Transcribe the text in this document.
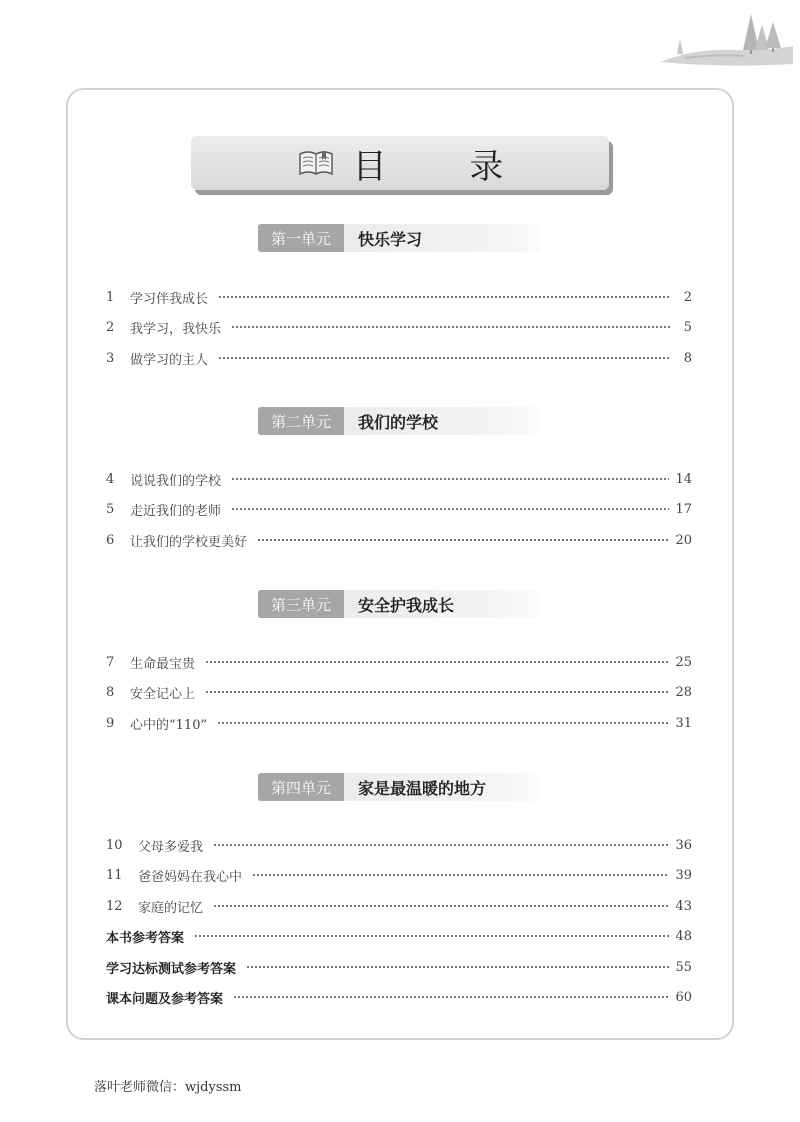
目 录
第一单元	快乐学习
1	学习伴我成长	2
2	我学习，我快乐	5
3	做学习的主人	8
第二单元	我们的学校
4	说说我们的学校	14
5	走近我们的老师	17
6	让我们的学校更美好	20
第三单元	安全护我成长
7	生命最宝贵	25
8	安全记心上	28
9	心中的“110”	31
第四单元	家是最温暖的地方
10	父母多爱我	36
11	爸爸妈妈在我心中	39
12	家庭的记忆	43
本书参考答案	48
学习达标测试参考答案	55
课本问题及参考答案	60
落叶老师微信：wjdyssm
